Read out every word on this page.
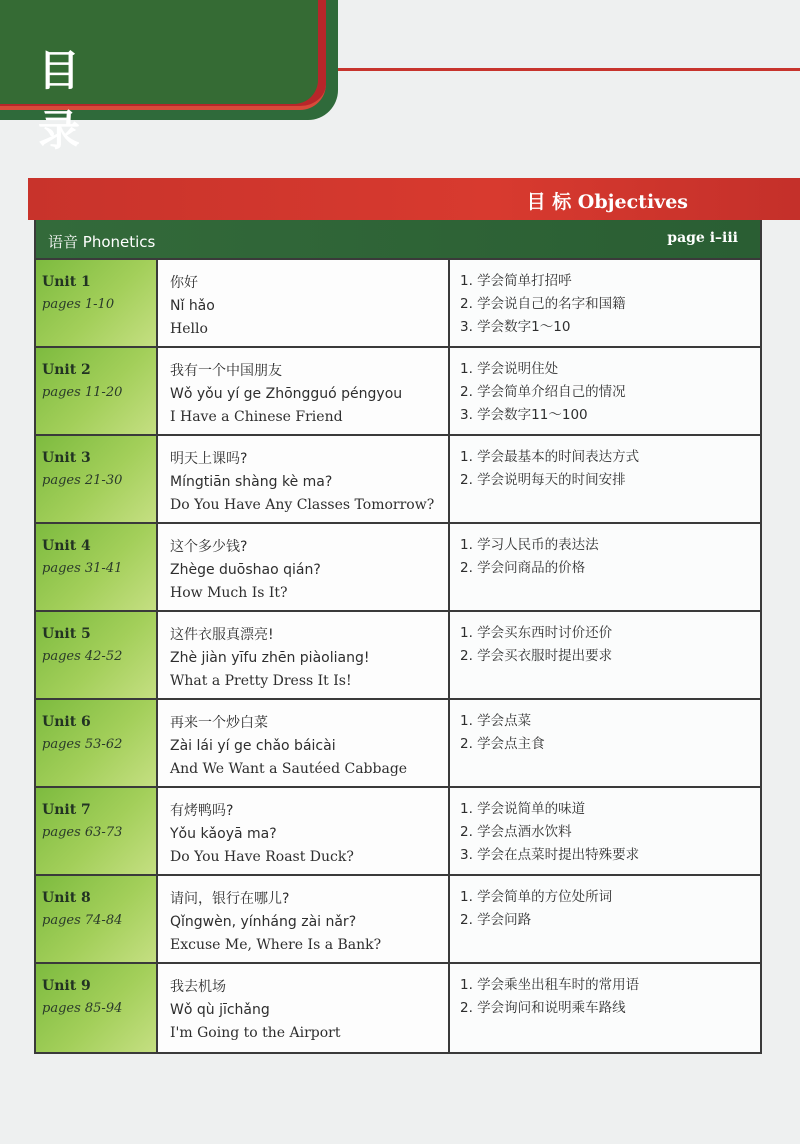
目 录
目 标 Objectives
语音 Phonetics	page i–iii
Unit 1
pages 1-10
你好
Nǐ hǎo
Hello
1. 学会简单打招呼
2. 学会说自己的名字和国籍
3. 学会数字1～10
Unit 2
pages 11-20
我有一个中国朋友
Wǒ yǒu yí ge Zhōngguó péngyou
I Have a Chinese Friend
1. 学会说明住处
2. 学会简单介绍自己的情况
3. 学会数字11～100
Unit 3
pages 21-30
明天上课吗?
Míngtiān shàng kè ma?
Do You Have Any Classes Tomorrow?
1. 学会最基本的时间表达方式
2. 学会说明每天的时间安排
Unit 4
pages 31-41
这个多少钱?
Zhège duōshao qián?
How Much Is It?
1. 学习人民币的表达法
2. 学会问商品的价格
Unit 5
pages 42-52
这件衣服真漂亮!
Zhè jiàn yīfu zhēn piàoliang!
What a Pretty Dress It Is!
1. 学会买东西时讨价还价
2. 学会买衣服时提出要求
Unit 6
pages 53-62
再来一个炒白菜
Zài lái yí ge chǎo báicài
And We Want a Sautéed Cabbage
1. 学会点菜
2. 学会点主食
Unit 7
pages 63-73
有烤鸭吗?
Yǒu kǎoyā ma?
Do You Have Roast Duck?
1. 学会说简单的味道
2. 学会点酒水饮料
3. 学会在点菜时提出特殊要求
Unit 8
pages 74-84
请问，银行在哪儿?
Qǐngwèn, yínháng zài nǎr?
Excuse Me, Where Is a Bank?
1. 学会简单的方位处所词
2. 学会问路
Unit 9
pages 85-94
我去机场
Wǒ qù jīchǎng
I'm Going to the Airport
1. 学会乘坐出租车时的常用语
2. 学会询问和说明乘车路线
